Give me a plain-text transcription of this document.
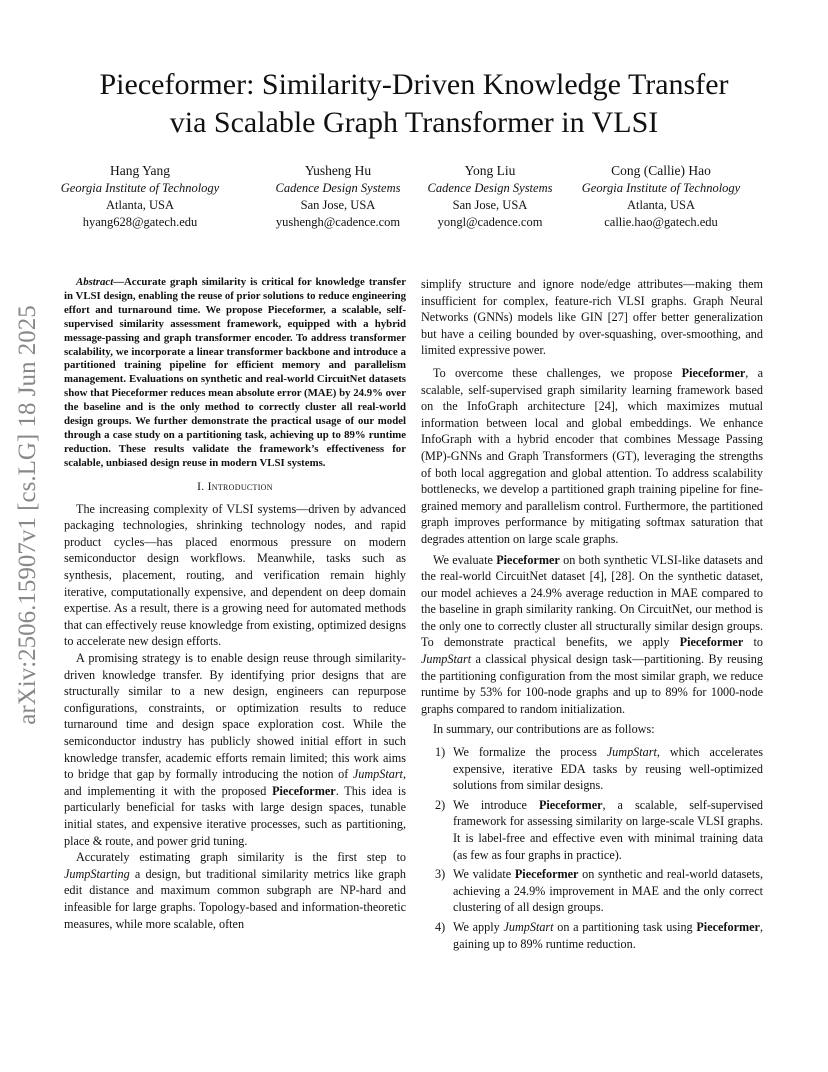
Pieceformer: Similarity-Driven Knowledge Transfer
via Scalable Graph Transformer in VLSI
Hang Yang
Georgia Institute of Technology
Atlanta, USA
hyang628@gatech.edu
Yusheng Hu
Cadence Design Systems
San Jose, USA
yushengh@cadence.com
Yong Liu
Cadence Design Systems
San Jose, USA
yongl@cadence.com
Cong (Callie) Hao
Georgia Institute of Technology
Atlanta, USA
callie.hao@gatech.edu
arXiv:2506.15907v1 [cs.LG] 18 Jun 2025

Abstract—Accurate graph similarity is critical for knowledge transfer in VLSI design, enabling the reuse of prior solutions to reduce engineering effort and turnaround time. We propose Pieceformer, a scalable, self-supervised similarity assessment framework, equipped with a hybrid message-passing and graph transformer encoder. To address transformer scalability, we incorporate a linear transformer backbone and introduce a partitioned training pipeline for efficient memory and parallelism management. Evaluations on synthetic and real-world CircuitNet datasets show that Pieceformer reduces mean absolute error (MAE) by 24.9% over the baseline and is the only method to correctly cluster all real-world design groups. We further demonstrate the practical usage of our model through a case study on a partitioning task, achieving up to 89% runtime reduction. These results validate the framework’s effectiveness for scalable, unbiased design reuse in modern VLSI systems.

I. Introduction

The increasing complexity of VLSI systems—driven by advanced packaging technologies, shrinking technology nodes, and rapid product cycles—has placed enormous pressure on modern semiconductor design workflows. Meanwhile, tasks such as synthesis, placement, routing, and verification remain highly iterative, computationally expensive, and dependent on deep domain expertise. As a result, there is a growing need for automated methods that can effectively reuse knowledge from existing, optimized designs to accelerate new design efforts.

A promising strategy is to enable design reuse through similarity-driven knowledge transfer. By identifying prior designs that are structurally similar to a new design, engineers can repurpose configurations, constraints, or optimization results to reduce turnaround time and design space exploration cost. While the semiconductor industry has publicly showed initial effort in such knowledge transfer, academic efforts remain limited; this work aims to bridge that gap by formally introducing the notion of JumpStart, and implementing it with the proposed Pieceformer. This idea is particularly beneficial for tasks with large design spaces, tunable initial states, and expensive iterative processes, such as partitioning, place & route, and power grid tuning.

Accurately estimating graph similarity is the first step to JumpStarting a design, but traditional similarity metrics like graph edit distance and maximum common subgraph are NP-hard and infeasible for large graphs. Topology-based and information-theoretic measures, while more scalable, often

simplify structure and ignore node/edge attributes—making them insufficient for complex, feature-rich VLSI graphs. Graph Neural Networks (GNNs) models like GIN [27] offer better generalization but have a ceiling bounded by over-squashing, over-smoothing, and limited expressive power.

To overcome these challenges, we propose Pieceformer, a scalable, self-supervised graph similarity learning framework based on the InfoGraph architecture [24], which maximizes mutual information between local and global embeddings. We enhance InfoGraph with a hybrid encoder that combines Message Passing (MP)-GNNs and Graph Transformers (GT), leveraging the strengths of both local aggregation and global attention. To address scalability bottlenecks, we develop a partitioned graph training pipeline for fine-grained memory and parallelism control. Furthermore, the partitioned graph improves performance by mitigating softmax saturation that degrades attention on large scale graphs.

We evaluate Pieceformer on both synthetic VLSI-like datasets and the real-world CircuitNet dataset [4], [28]. On the synthetic dataset, our model achieves a 24.9% average reduction in MAE compared to the baseline in graph similarity ranking. On CircuitNet, our method is the only one to correctly cluster all structurally similar design groups. To demonstrate practical benefits, we apply Pieceformer to JumpStart a classical physical design task—partitioning. By reusing the partitioning configuration from the most similar graph, we reduce runtime by 53% for 100-node graphs and up to 89% for 1000-node graphs compared to random initialization.

In summary, our contributions are as follows:

1) We formalize the process JumpStart, which accelerates expensive, iterative EDA tasks by reusing well-optimized solutions from similar designs.
2) We introduce Pieceformer, a scalable, self-supervised framework for assessing similarity on large-scale VLSI graphs. It is label-free and effective even with minimal training data (as few as four graphs in practice).
3) We validate Pieceformer on synthetic and real-world datasets, achieving a 24.9% improvement in MAE and the only correct clustering of all design groups.
4) We apply JumpStart on a partitioning task using Pieceformer, gaining up to 89% runtime reduction.
